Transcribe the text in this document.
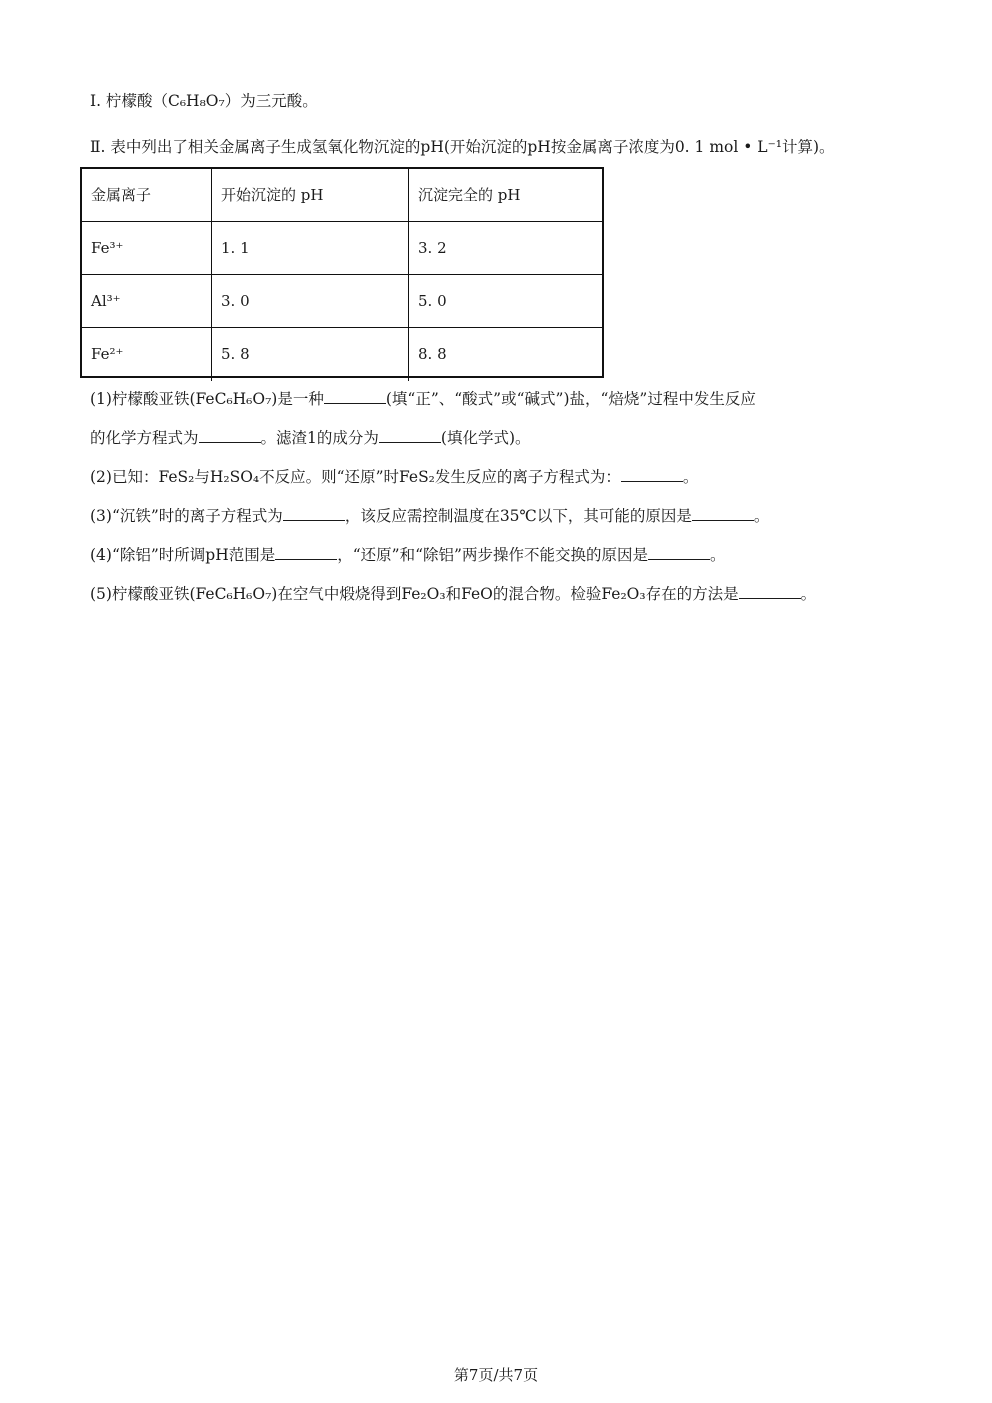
I. 柠檬酸（C₆H₈O₇）为三元酸。
Ⅱ. 表中列出了相关金属离子生成氢氧化物沉淀的pH(开始沉淀的pH按金属离子浓度为0. 1 mol • L⁻¹计算)。
金属离子	开始沉淀的 pH	沉淀完全的 pH
Fe³⁺	1. 1	3. 2
Al³⁺	3. 0	5. 0
Fe²⁺	5. 8	8. 8
(1)柠檬酸亚铁(FeC₆H₆O₇)是一种	(填“正”、“酸式”或“碱式”)盐，“焙烧”过程中发生反应
的化学方程式为	。滤渣1的成分为	(填化学式)。
(2)已知：FeS₂与H₂SO₄不反应。则“还原”时FeS₂发生反应的离子方程式为：	。
(3)“沉铁”时的离子方程式为	，该反应需控制温度在35℃以下，其可能的原因是	。
(4)“除铝”时所调pH范围是	，“还原”和“除铝”两步操作不能交换的原因是	。
(5)柠檬酸亚铁(FeC₆H₆O₇)在空气中煅烧得到Fe₂O₃和FeO的混合物。检验Fe₂O₃存在的方法是	。
第7页/共7页
